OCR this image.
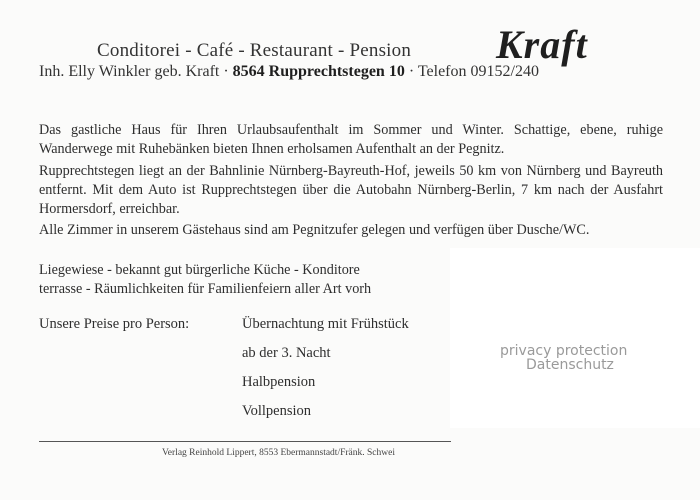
Conditorei - Café - Restaurant - Pension Kraft
Inh. Elly Winkler geb. Kraft · 8564 Rupprechtstegen 10 · Telefon 09152/240

Das gastliche Haus für Ihren Urlaubsaufenthalt im Sommer und Winter. Schattige, ebene, ruhige Wanderwege mit Ruhebänken bieten Ihnen erholsamen Aufenthalt an der Pegnitz.

Rupprechtstegen liegt an der Bahnlinie Nürnberg-Bayreuth-Hof, jeweils 50 km von Nürnberg und Bayreuth entfernt. Mit dem Auto ist Rupprechtstegen über die Autobahn Nürnberg-Berlin, 7 km nach der Ausfahrt Hormersdorf, erreichbar.

Alle Zimmer in unserem Gästehaus sind am Pegnitzufer gelegen und verfügen über Dusche/WC.

Liegewiese - bekannt gut bürgerliche Küche - Konditore
terrasse - Räumlichkeiten für Familienfeiern aller Art vorh

Unsere Preise pro Person:	Übernachtung mit Frühstück
ab der 3. Nacht
Halbpension
Vollpension
privacy protection
Datenschutz
Verlag Reinhold Lippert, 8553 Ebermannstadt/Fränk. Schwei
